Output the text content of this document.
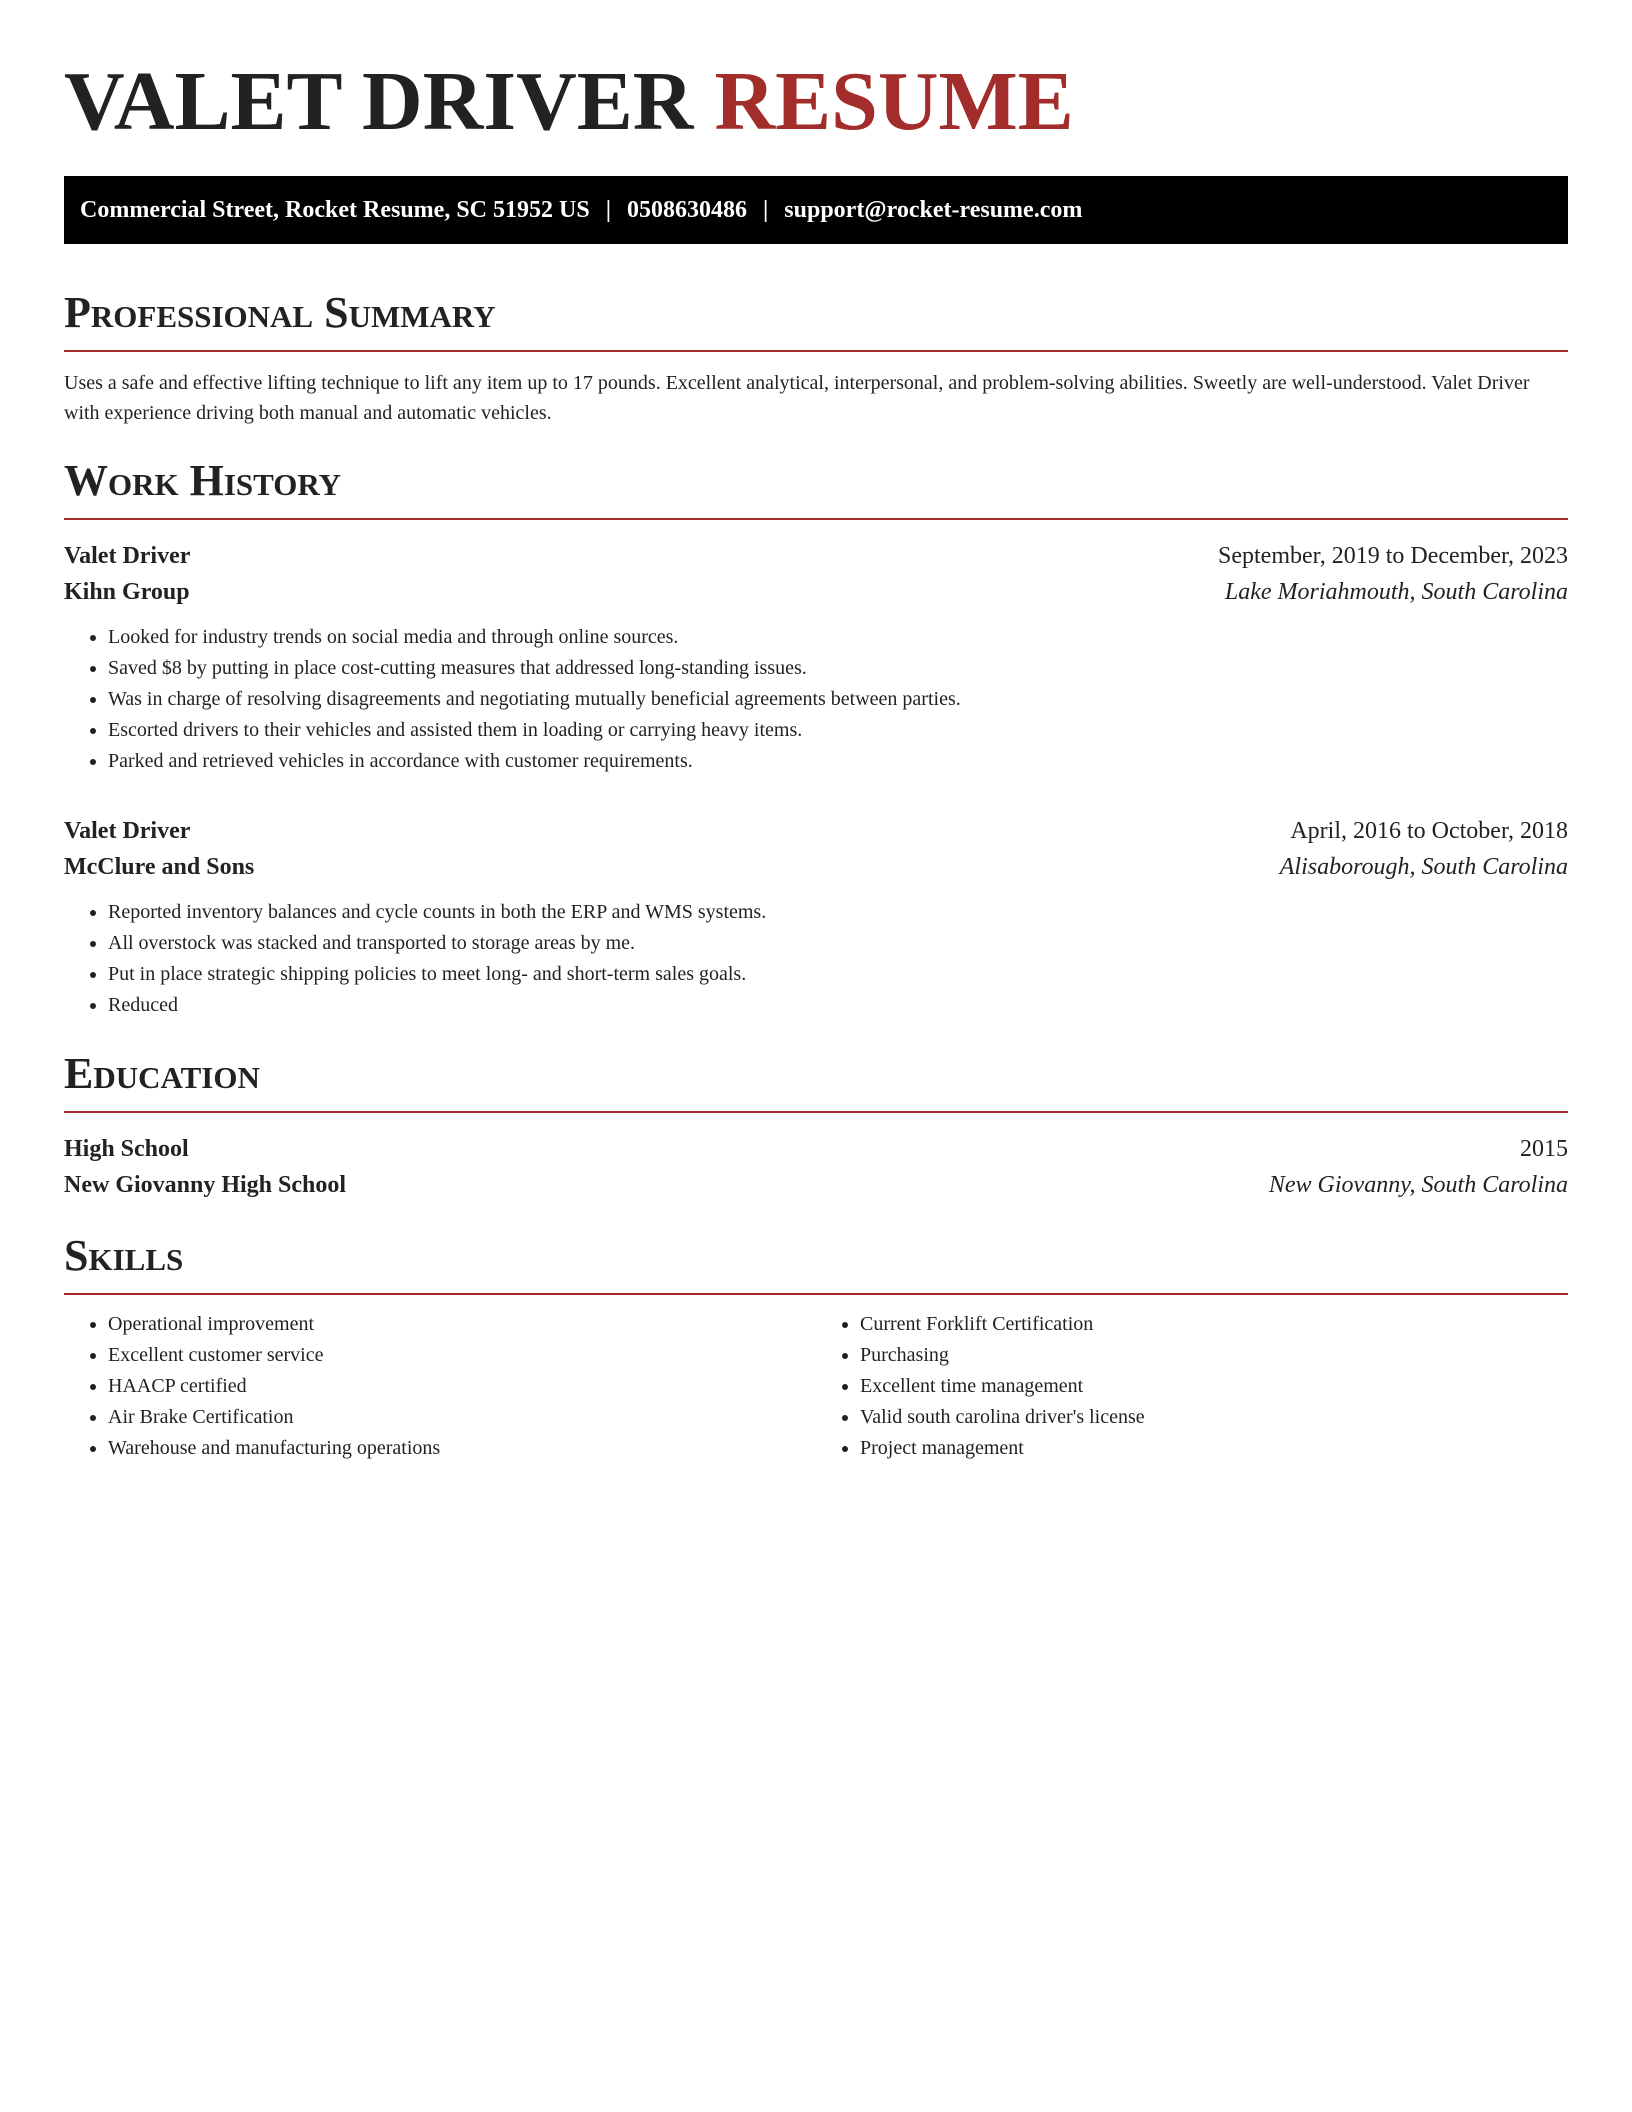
VALET DRIVER RESUME
Commercial Street, Rocket Resume, SC 51952 US | 0508630486 | support@rocket-resume.com
Professional Summary

Uses a safe and effective lifting technique to lift any item up to 17 pounds. Excellent analytical, interpersonal, and problem-solving abilities. Sweetly are well-understood. Valet Driver with experience driving both manual and automatic vehicles.

Work History
Valet Driver	September, 2019 to December, 2023
Kihn Group	Lake Moriahmouth, South Carolina
• Looked for industry trends on social media and through online sources.
• Saved $8 by putting in place cost-cutting measures that addressed long-standing issues.
• Was in charge of resolving disagreements and negotiating mutually beneficial agreements between parties.
• Escorted drivers to their vehicles and assisted them in loading or carrying heavy items.
• Parked and retrieved vehicles in accordance with customer requirements.
Valet Driver	April, 2016 to October, 2018
McClure and Sons	Alisaborough, South Carolina
• Reported inventory balances and cycle counts in both the ERP and WMS systems.
• All overstock was stacked and transported to storage areas by me.
• Put in place strategic shipping policies to meet long- and short-term sales goals.
• Reduced
Education
High School	2015
New Giovanny High School	New Giovanny, South Carolina
Skills
• Operational improvement
• Excellent customer service
• HAACP certified
• Air Brake Certification
• Warehouse and manufacturing operations
• Current Forklift Certification
• Purchasing
• Excellent time management
• Valid south carolina driver's license
• Project management
